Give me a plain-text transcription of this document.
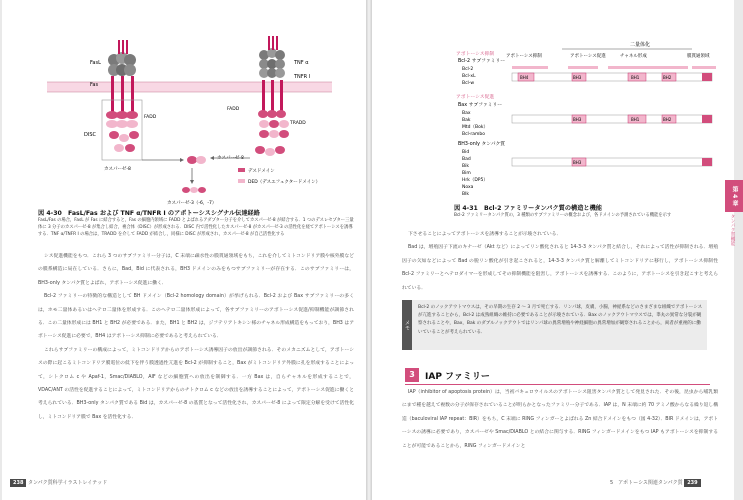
FasL
Fas
TNF α
TNFR Ⅰ
DISC
FADD
FADD
TRADD
カスパーゼ-8
カスパーゼ-8
カスパーゼ-3（-6，-7）
デスドメイン
DED（デスエフェクタードメイン）
図 4-30　FasL/Fas および TNF α/TNFR Ⅰ のアポトーシスシグナル伝達経路
FasL/Fas の場合，FasL が Fas に結合すると，Fas の細胞内領域に FADD とよばれるアダプター分子を介してカスパーゼ-8 が結合する．1 つのデスレセプター三量体に 3 分子のカスパーゼ-8 が集合し結合，複合体（DISC）が形成される．DISC 内で活性化したカスパーゼ-8 がカスパーゼ-3 の活性化を経てアポトーシスを誘導する．TNF α/TNFR Ⅰ の場合は，TRADD を介して FADD が結合し，同様に DISC が形成され，カスパーゼ-8 が自己活性化する

シス促進機能をもつ．これら 3 つのサブファミリー分子は，C 末端に疎水性の膜貫通領域をもち，これを介してミトコンドリア膜や核外膜などの膜系構造に局在している．さらに，Bad，Bid に代表される，BH3 ドメインのみをもつサブファミリーが存在する．このサブファミリーは，BH3-only タンパク質とよばれ，アポトーシス促進に働く．

Bcl-2 ファミリーの特徴的な構造として BH ドメイン（Bcl-2 homology domain）が挙げられる．Bcl-2 および Bax サブファミリーの多くは，ホモ二量体あるいはヘテロ二量体を形成する．このヘテロ二量体形成によって，各サブファミリーのアポトーシス促進/抑制機能が調節される．この二量体形成には BH1 と BH2 が必要である．また，BH1 と BH2 は，ジフテリアトキシン様のチャネル形成構造をもっており，BH3 はアポトーシス促進に必要で，BH4 はアポトーシス抑制に必要であると考えられている．

これらサブファミリーの構成によって，ミトコンドリアからのアポトーシス誘導因子の放出が調節される．そのメカニズムとして，アポトーシスの際に起こるミトコンドリア膜電位の低下を伴う膜透過性亢進を Bcl-2 が抑制すること，Bax がミトコンドリア外膜に孔を形成することによって，シトクロム c や Apaf-1，Smac/DIABLO，AIF などの細胞質への放出を制御する．一方 Bax は，自らチャネルを形成することで，VDAC/ANT の活性を促進することによって，ミトコンドリアからのチトクロム c などの放出を誘導することによって，アポトーシス促進に働くと考えられている．BH3-only タンパク質である Bid は，カスパーゼ-8 の基質となって活性化され，カスパーゼ-8 によって限定分解を受けて活性化し，ミトコンドリア膜で Bax を活性化する．

238 タンパク質科学イラストレイテッド
二量体化
アポトーシス抑制	アポトーシス促進	チャネル形成	膜貫通領域
アポトーシス抑制
Bcl-2 サブファミリー
Bcl-2
Bcl-xL
Bcl-w
BH4	BH3	BH1	BH2
アポトーシス促進
Bax サブファミリー
Bax
Bak
Mtd（Bok）
Bcl-rambo
BH3	BH1	BH2
BH3-only タンパク質
Bid
Bad
Bik
Bim
Hrk（DP5）
Noxa
Blk
BH3
図 4-31　Bcl-2 ファミリータンパク質の構造と機能
Bcl-2 ファミリータンパク質の，3 種類のサブファミリーの概念および，各ドメインの予測されている機能を示す

下させることによってアポトーシスを誘導することが示唆されている．

Bad は，増殖因子下流のキナーゼ（Akt など）によってリン酸化されると 14-3-3 タンパク質と結合し，それによって活性が抑制される．増殖因子の欠如などによって Bad の脱リン酸化が引き起こされると，14-3-3 タンパク質と解離してミトコンドリアに移行し，アポトーシス抑制性 Bcl-2 ファミリーとヘテロダイマーを形成してその抑制機能を阻害し，アポトーシスを誘導する．このように，アポトーシスを引き起こすと考えられている．

IAP（inhibitor of apoptosis protein）は，当初バキュロウイルスのアポトーシス阻害タンパク質として発見された．その後，昆虫から哺乳類にまで種を越えて複数の分子が保存されていることが明らかとなったファミリー分子である．IAP は，N 末端に約 70 アミノ酸からなる繰り返し構造（baculoviral IAP repeat：BIR）をもち，C 末端に RING フィンガーとよばれる Zn 結合ドメインをもつ（図 4-32）．BIR ドメインは，アポトーシスの誘導に必要であり，カスパーゼや Smac/DIABLO との結合に関与する．RING フィンガードメインをもつ IAP もアポトーシスを抑制することが可能であることから，RING フィンガードメインと

5　アポトーシス関連タンパク質 239
メモ
Bcl-2 のノックアウトマウスは，その早期の生存 2 ～ 3 月で死亡する．リンパ球，皮膚，小腸，神経系などのさまざまな組織でアポトーシスが亢進することから，Bcl-2 は成熟組織の維持に必要であることが示唆されている．Bax のノックアウトマウスでは，睾丸の異常な分裂が観察されることや，Bax，Bak のダブルノックアウトではリンパ球の異常増殖や神経細胞の異常増加が観察されることから，両者が重複的に働いていることが考えられている．
3	IAP ファミリー
第 4 章
タンパク質機能
